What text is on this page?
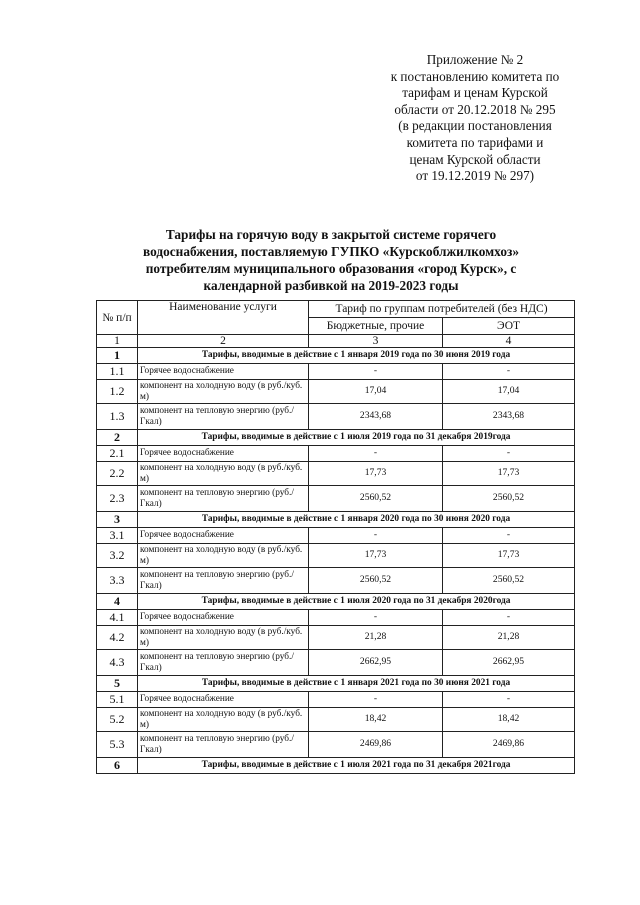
Приложение № 2
к постановлению комитета по
тарифам и ценам Курской
области от 20.12.2018 № 295
(в редакции постановления
комитета по тарифами и
ценам Курской области
от 19.12.2019 № 297)
Тарифы на горячую воду в закрытой системе горячего
водоснабжения, поставляемую ГУПКО «Курскоблжилкомхоз»
потребителям муниципального образования «город Курск», с
календарной разбивкой на 2019-2023 годы
№ п/п	Наименование услуги	Тариф по группам потребителей (без НДС)	
		Бюджетные, прочие	ЭОТ
1	2	3	4
1	Тарифы, вводимые в действие с 1 января 2019 года по 30 июня 2019 года		
1.1	Горячее водоснабжение	-	-
1.2	компонент на холодную воду (в руб./куб. м)	17,04	17,04
1.3	компонент на тепловую энергию (руб./Гкал)	2343,68	2343,68
2	Тарифы, вводимые в действие с 1 июля 2019 года по 31 декабря 2019года		
2.1	Горячее водоснабжение	-	-
2.2	компонент на холодную воду (в руб./куб. м)	17,73	17,73
2.3	компонент на тепловую энергию (руб./Гкал)	2560,52	2560,52
3	Тарифы, вводимые в действие с 1 января 2020 года по 30 июня 2020 года		
3.1	Горячее водоснабжение	-	-
3.2	компонент на холодную воду (в руб./куб. м)	17,73	17,73
3.3	компонент на тепловую энергию (руб./Гкал)	2560,52	2560,52
4	Тарифы, вводимые в действие с 1 июля 2020 года по 31 декабря 2020года		
4.1	Горячее водоснабжение	-	-
4.2	компонент на холодную воду (в руб./куб. м)	21,28	21,28
4.3	компонент на тепловую энергию (руб./Гкал)	2662,95	2662,95
5	Тарифы, вводимые в действие с 1 января 2021 года по 30 июня 2021 года		
5.1	Горячее водоснабжение	-	-
5.2	компонент на холодную воду (в руб./куб. м)	18,42	18,42
5.3	компонент на тепловую энергию (руб./Гкал)	2469,86	2469,86
6	Тарифы, вводимые в действие с 1 июля 2021 года по 31 декабря 2021года		
